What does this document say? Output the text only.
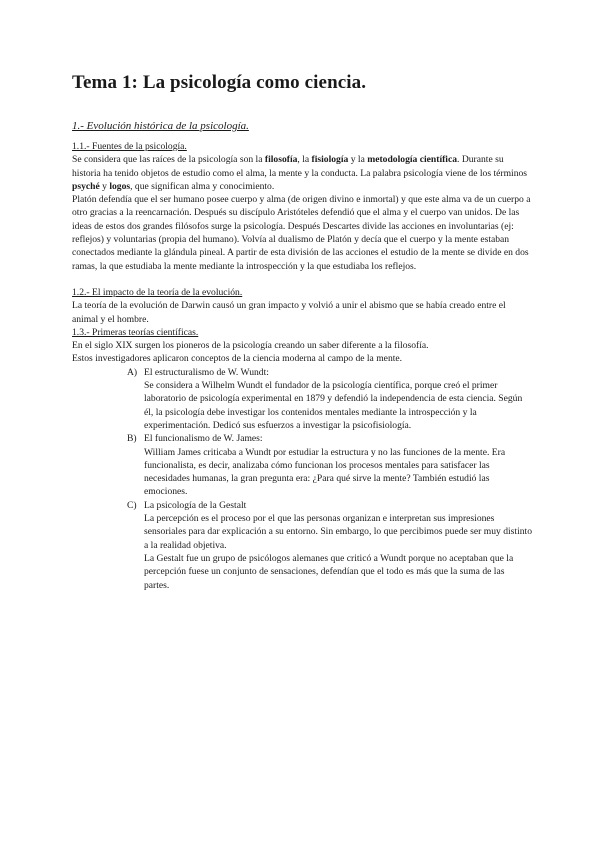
Tema 1: La psicología como ciencia.

1.- Evolución histórica de la psicología.

1.1.- Fuentes de la psicología.

Se considera que las raíces de la psicología son la filosofía, la fisiología y la metodología científica. Durante su historia ha tenido objetos de estudio como el alma, la mente y la conducta. La palabra psicología viene de los términos psyché y logos, que significan alma y conocimiento.

Platón defendía que el ser humano posee cuerpo y alma (de origen divino e inmortal) y que este alma va de un cuerpo a otro gracias a la reencarnación. Después su discípulo Aristóteles defendió que el alma y el cuerpo van unidos. De las ideas de estos dos grandes filósofos surge la psicología. Después Descartes divide las acciones en involuntarias (ej: reflejos) y voluntarias (propia del humano). Volvía al dualismo de Platón y decía que el cuerpo y la mente estaban conectados mediante la glándula pineal. A partir de esta división de las acciones el estudio de la mente se divide en dos ramas, la que estudiaba la mente mediante la introspección y la que estudiaba los reflejos.

1.2.- El impacto de la teoría de la evolución.

La teoría de la evolución de Darwin causó un gran impacto y volvió a unir el abismo que se había creado entre el animal y el hombre.

1.3.- Primeras teorías científicas.

En el siglo XIX surgen los pioneros de la psicología creando un saber diferente a la filosofía.

Estos investigadores aplicaron conceptos de la ciencia moderna al campo de la mente.

A) El estructuralismo de W. Wundt:

Se considera a Wilhelm Wundt el fundador de la psicología científica, porque creó el primer laboratorio de psicología experimental en 1879 y defendió la independencia de esta ciencia. Según él, la psicología debe investigar los contenidos mentales mediante la introspección y la experimentación. Dedicó sus esfuerzos a investigar la psicofisiología.

B) El funcionalismo de W. James:

William James criticaba a Wundt por estudiar la estructura y no las funciones de la mente. Era funcionalista, es decir, analizaba cómo funcionan los procesos mentales para satisfacer las necesidades humanas, la gran pregunta era: ¿Para qué sirve la mente? También estudió las emociones.

C) La psicología de la Gestalt

La percepción es el proceso por el que las personas organizan e interpretan sus impresiones sensoriales para dar explicación a su entorno. Sin embargo, lo que percibimos puede ser muy distinto a la realidad objetiva.

La Gestalt fue un grupo de psicólogos alemanes que criticó a Wundt porque no aceptaban que la percepción fuese un conjunto de sensaciones, defendían que el todo es más que la suma de las partes.
